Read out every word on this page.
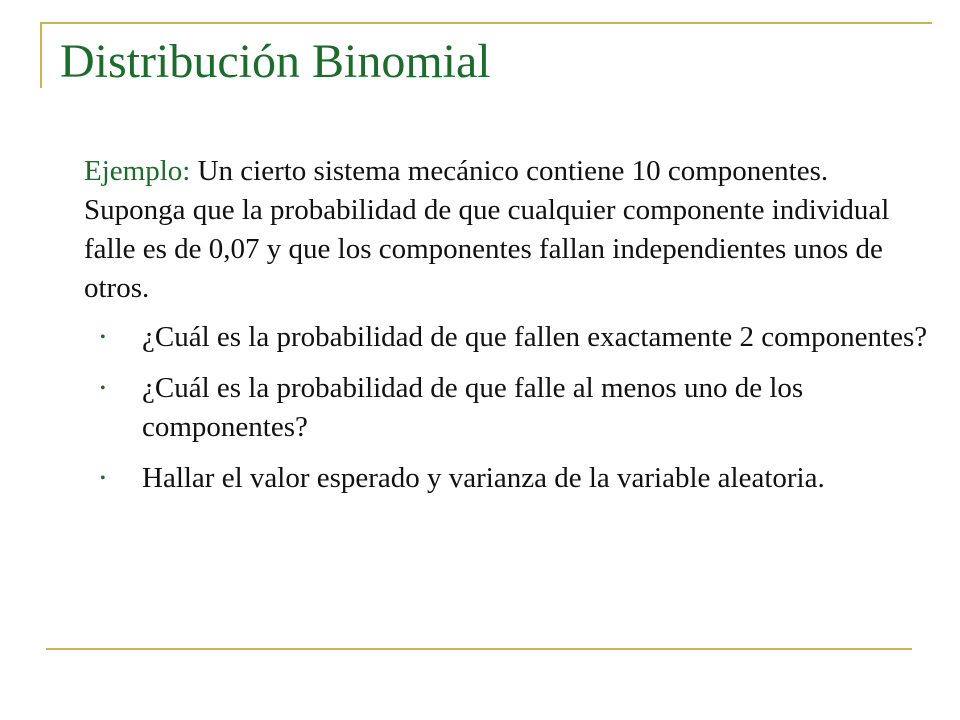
Distribución Binomial

Ejemplo: Un cierto sistema mecánico contiene 10 componentes. Suponga que la probabilidad de que cualquier componente individual falle es de 0,07 y que los componentes fallan independientes unos de otros.

• ¿Cuál es la probabilidad de que fallen exactamente 2 componentes?
• ¿Cuál es la probabilidad de que falle al menos uno de los componentes?
• Hallar el valor esperado y varianza de la variable aleatoria.
